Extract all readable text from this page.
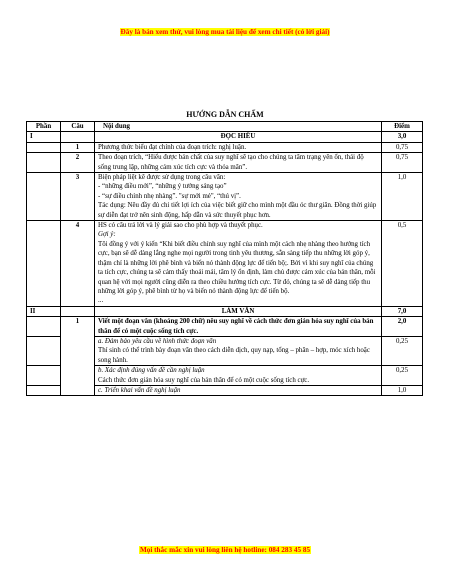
Đây là bản xem thử, vui lòng mua tài liệu để xem chi tiết (có lời giải)
HƯỚNG DẪN CHẤM
Phần	Câu	Nội dung	Điểm
I		ĐỌC HIỂU	3,0
	1	Phương thức biểu đạt chính của đoạn trích: nghị luận.	0,75
	2	Theo đoạn trích, “Hiểu được bản chất của suy nghĩ sẽ tạo cho chúng ta tâm trạng yên ổn, thái độ sống trung lập, những cảm xúc tích cực và thỏa mãn”.	0,75
	3	Biện pháp liệt kê được sử dụng trong câu văn:
- “những điều mới”, “những ý tưởng sáng tạo”
- “sự điều chỉnh nhẹ nhàng”. "sự mới mẻ", “thú vị”.
Tác dụng: Nêu đầy đủ chi tiết lợi ích của việc biết giữ cho mình một đầu óc thư giãn. Đồng thời giúp sự diễn đạt trở nên sinh động, hấp dẫn và sức thuyết phục hơn.	1,0
	4	HS có câu trả lời và lý giải sao cho phù hợp và thuyết phục.
Gợi ý:
Tôi đồng ý với ý kiến “Khi biết điều chỉnh suy nghĩ của mình một cách nhẹ nhàng theo hướng tích cực, bạn sẽ dễ dàng lắng nghe mọi người trong tinh yêu thương, sẵn sàng tiếp thu những lời góp ý, thậm chí là những lời phê bình và biến nó thành động lực để tiến bộ;. Bởi vì khi suy nghĩ của chúng ta tích cực, chúng ta sẽ cảm thấy thoải mái, tâm lý ổn định, làm chủ được cảm xúc của bản thân, mỗi quan hệ với mọi người cũng diễn ra theo chiều hướng tích cực. Từ đó, chúng ta sẽ dễ dàng tiếp thu những lời góp ý, phê bình từ họ và biến nó thành động lực để tiến bộ.
...	0,5
II		LÀM VĂN	7,0
	1	Viết một đoạn văn (khoảng 200 chữ) nêu suy nghĩ về cách thức đơn giản hóa suy nghĩ của bản thân để có một cuộc sống tích cực.	2,0

		a. Đảm bảo yêu cầu về hình thức đoạn văn
Thí sinh có thể trình bày đoạn văn theo cách diễn dịch, quy nạp, tổng – phân – hợp, móc xích hoặc song hành.	0,25

		b. Xác định đúng vấn đề cần nghị luận
Cách thức đơn giản hóa suy nghĩ của bản thân để có một cuộc sống tích cực.	0,25

		c. Triển khai vấn đề nghị luận	1,0
Mọi thắc mắc xin vui lòng liên hệ hotline: 084 283 45 85
